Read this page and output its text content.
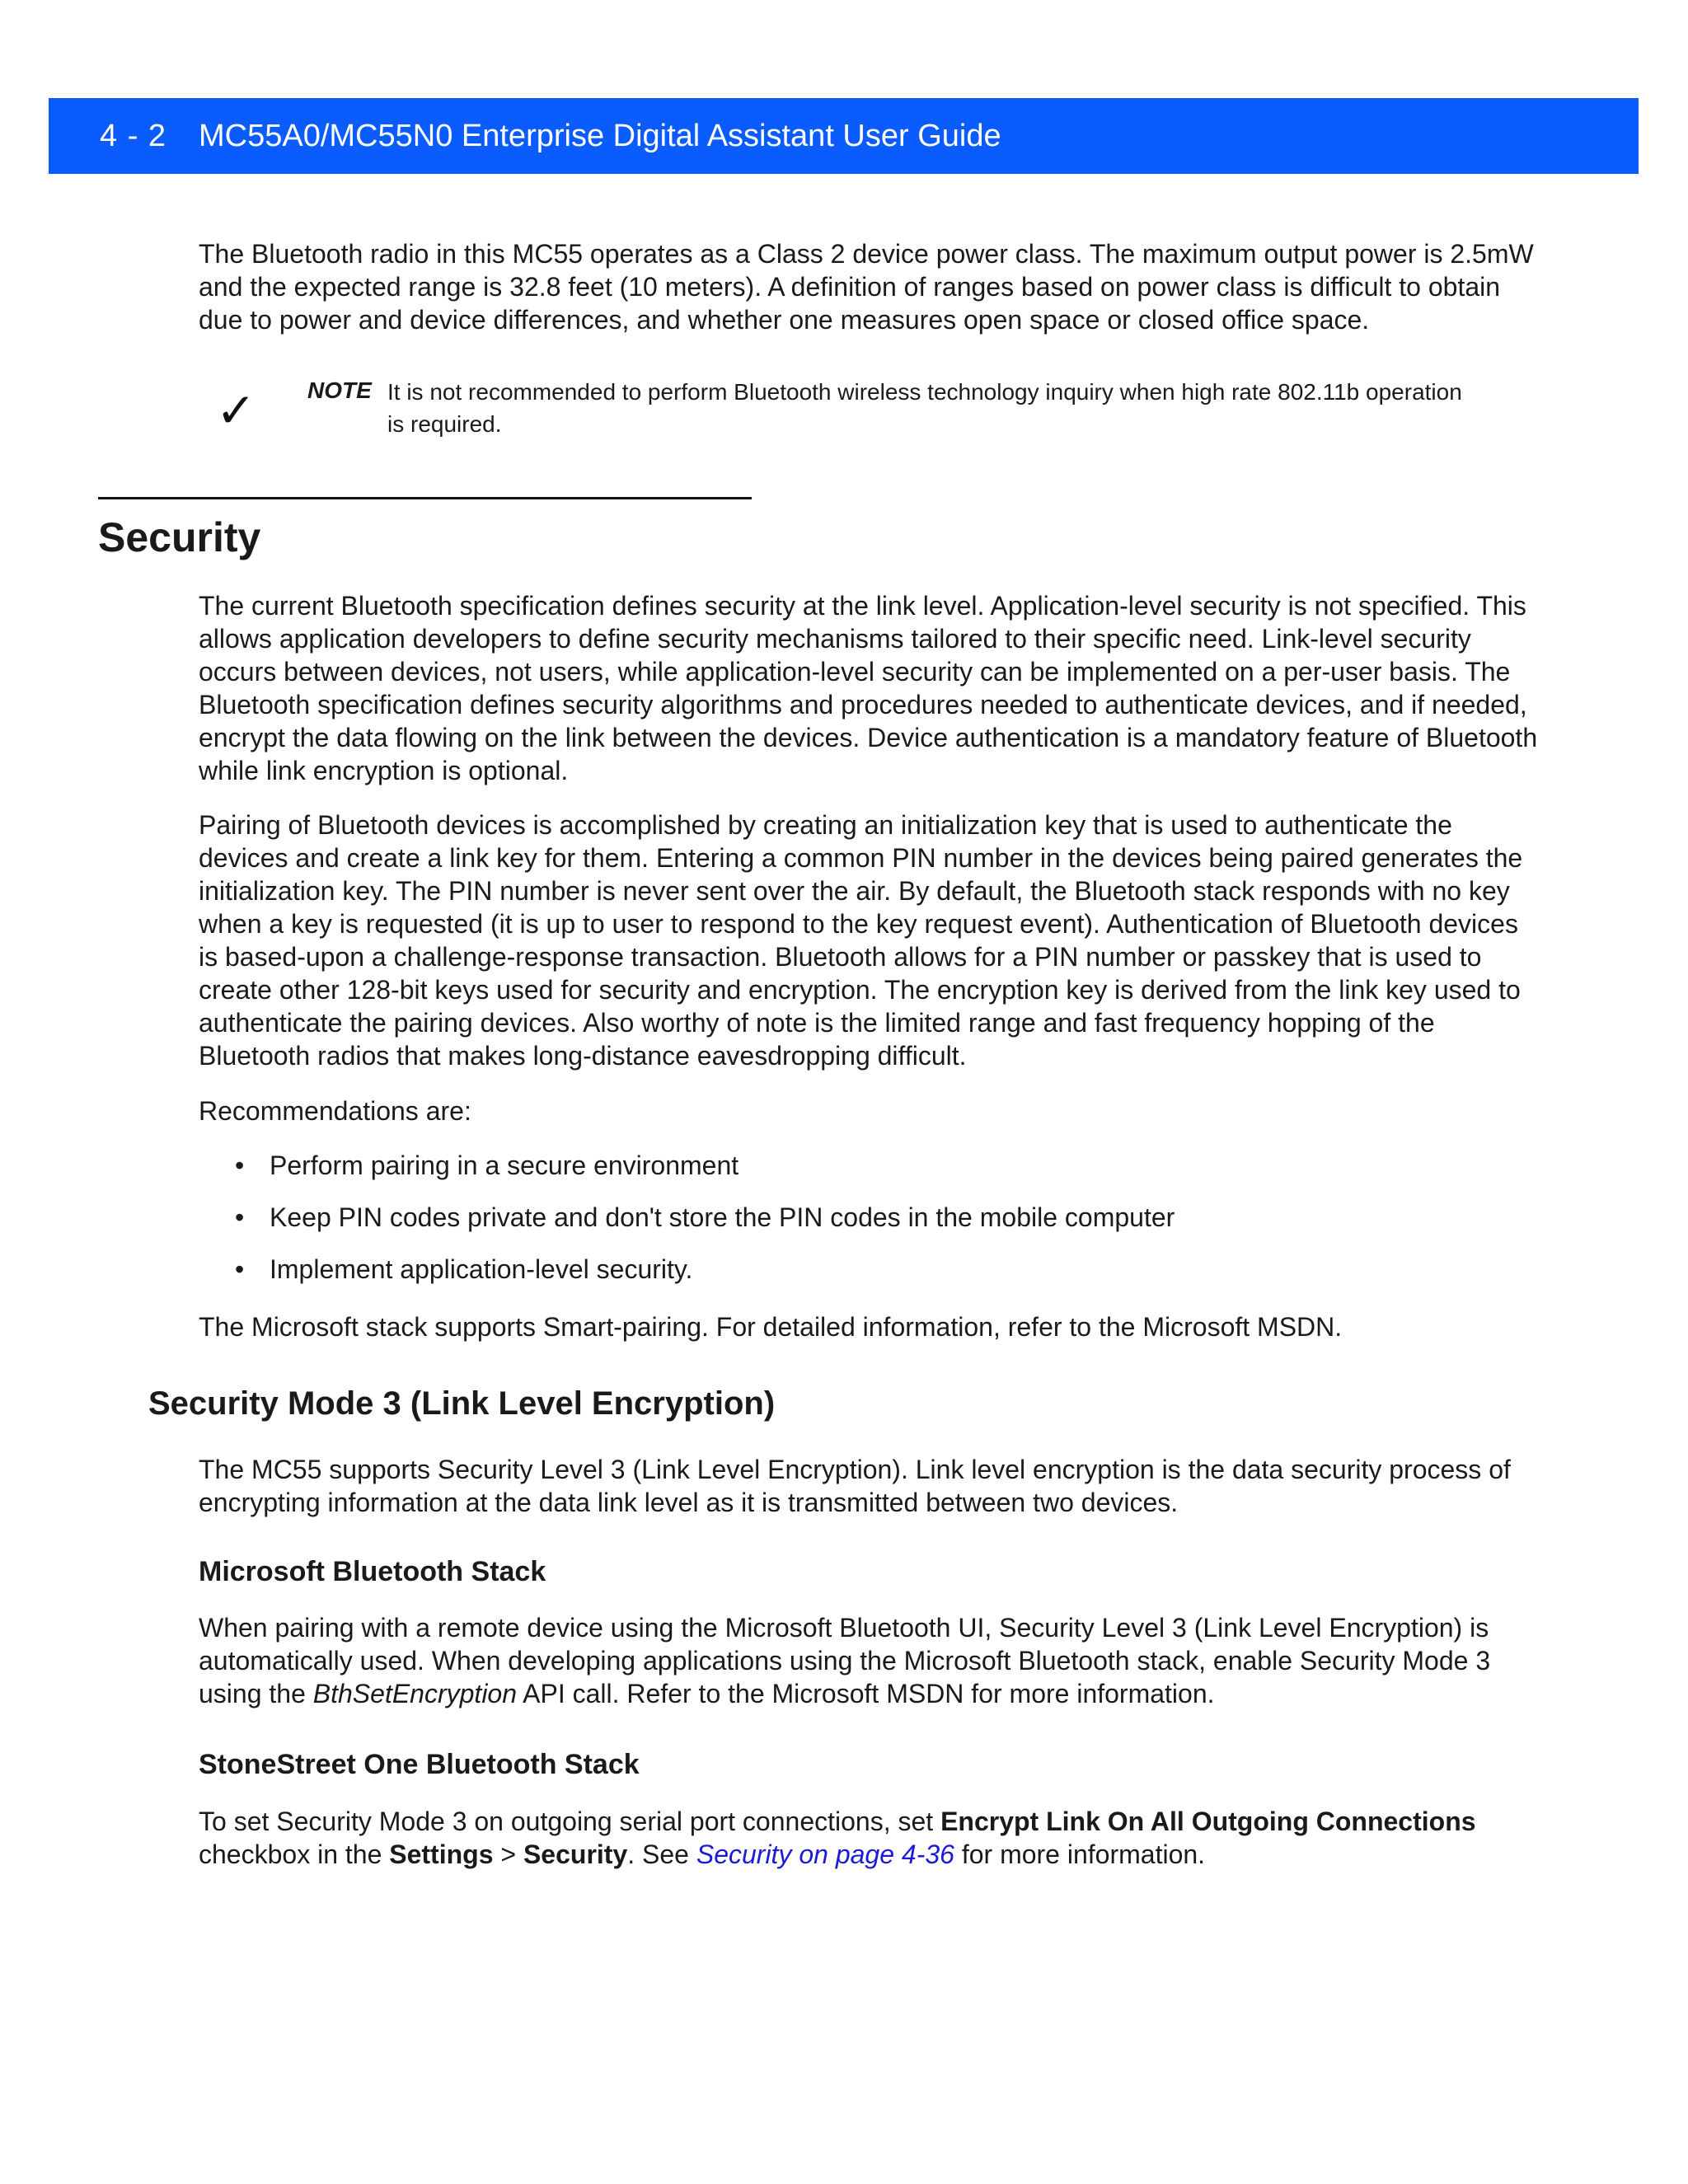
4 - 2 MC55A0/MC55N0 Enterprise Digital Assistant User Guide

The Bluetooth radio in this MC55 operates as a Class 2 device power class. The maximum output power is 2.5mW and the expected range is 32.8 feet (10 meters). A definition of ranges based on power class is difficult to obtain due to power and device differences, and whether one measures open space or closed office space.

✓ NOTE It is not recommended to perform Bluetooth wireless technology inquiry when high rate 802.11b operation is required.
Security

The current Bluetooth specification defines security at the link level. Application-level security is not specified. This allows application developers to define security mechanisms tailored to their specific need. Link-level security occurs between devices, not users, while application-level security can be implemented on a per-user basis. The Bluetooth specification defines security algorithms and procedures needed to authenticate devices, and if needed, encrypt the data flowing on the link between the devices. Device authentication is a mandatory feature of Bluetooth while link encryption is optional.

Pairing of Bluetooth devices is accomplished by creating an initialization key that is used to authenticate the devices and create a link key for them. Entering a common PIN number in the devices being paired generates the initialization key. The PIN number is never sent over the air. By default, the Bluetooth stack responds with no key when a key is requested (it is up to user to respond to the key request event). Authentication of Bluetooth devices is based-upon a challenge-response transaction. Bluetooth allows for a PIN number or passkey that is used to create other 128-bit keys used for security and encryption. The encryption key is derived from the link key used to authenticate the pairing devices. Also worthy of note is the limited range and fast frequency hopping of the Bluetooth radios that makes long-distance eavesdropping difficult.

Recommendations are:

• Perform pairing in a secure environment
• Keep PIN codes private and don't store the PIN codes in the mobile computer
• Implement application-level security.

The Microsoft stack supports Smart-pairing. For detailed information, refer to the Microsoft MSDN.

Security Mode 3 (Link Level Encryption)

The MC55 supports Security Level 3 (Link Level Encryption). Link level encryption is the data security process of encrypting information at the data link level as it is transmitted between two devices.

Microsoft Bluetooth Stack

When pairing with a remote device using the Microsoft Bluetooth UI, Security Level 3 (Link Level Encryption) is automatically used. When developing applications using the Microsoft Bluetooth stack, enable Security Mode 3 using the BthSetEncryption API call. Refer to the Microsoft MSDN for more information.

StoneStreet One Bluetooth Stack

To set Security Mode 3 on outgoing serial port connections, set Encrypt Link On All Outgoing Connections checkbox in the Settings > Security. See Security on page 4-36 for more information.
